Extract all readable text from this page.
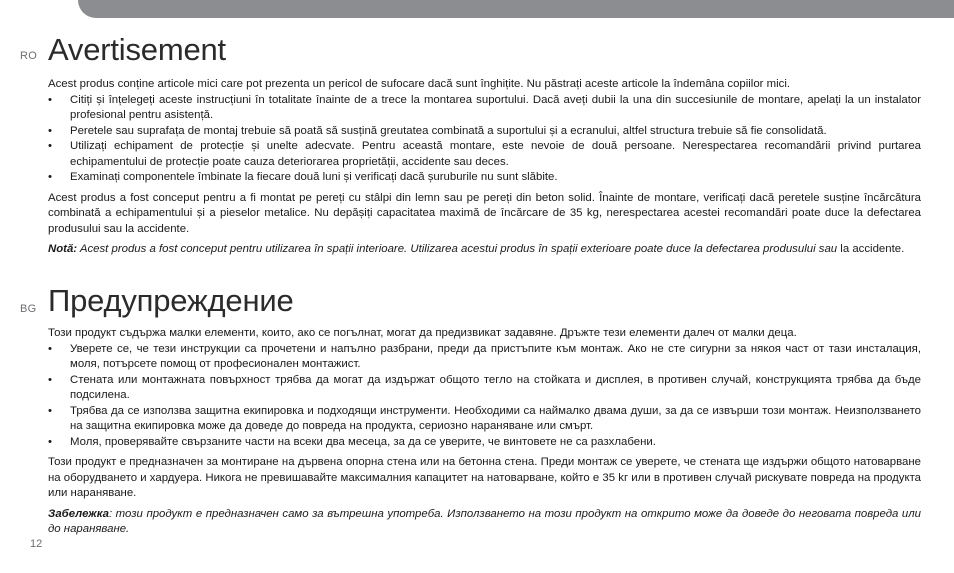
RO Avertisement

Acest produs conține articole mici care pot prezenta un pericol de sufocare dacă sunt înghițite. Nu păstrați aceste articole la îndemâna copiilor mici.

• Citiți și înțelegeți aceste instrucțiuni în totalitate înainte de a trece la montarea suportului. Dacă aveți dubii la una din succesiunile de montare, apelați la un instalator profesional pentru asistență.
• Peretele sau suprafața de montaj trebuie să poată să susțină greutatea combinată a suportului și a ecranului, altfel structura trebuie să fie consolidată.
• Utilizați echipament de protecție și unelte adecvate. Pentru această montare, este nevoie de două persoane. Nerespectarea recomandării privind purtarea echipamentului de protecție poate cauza deteriorarea proprietății, accidente sau deces.
• Examinați componentele îmbinate la fiecare două luni și verificați dacă șuruburile nu sunt slăbite.

Acest produs a fost conceput pentru a fi montat pe pereți cu stâlpi din lemn sau pe pereți din beton solid. Înainte de montare, verificați dacă peretele susține încărcătura combinată a echipamentului și a pieselor metalice. Nu depășiți capacitatea maximă de încărcare de 35 kg, nerespectarea acestei recomandări poate duce la defectarea produsului sau la accidente.

Notă: Acest produs a fost conceput pentru utilizarea în spații interioare. Utilizarea acestui produs în spații exterioare poate duce la defectarea produsului sau la accidente.

BG Предупреждение

Този продукт съдържа малки елементи, които, ако се погълнат, могат да предизвикат задавяне. Дръжте тези елементи далеч от малки деца.

• Уверете се, че тези инструкции са прочетени и напълно разбрани, преди да пристъпите към монтаж. Ако не сте сигурни за някоя част от тази инсталация, моля, потърсете помощ от професионален монтажист.
• Стената или монтажната повърхност трябва да могат да издържат общото тегло на стойката и дисплея, в противен случай, конструкцията трябва да бъде подсилена.
• Трябва да се използва защитна екипировка и подходящи инструменти. Необходими са наймалко двама души, за да се извърши този монтаж. Неизползването на защитна екипировка може да доведе до повреда на продукта, сериозно нараняване или смърт.
• Моля, проверявайте свързаните части на всеки два месеца, за да се уверите, че винтовете не са разхлабени.

Този продукт е предназначен за монтиране на дървена опорна стена или на бетонна стена. Преди монтаж се уверете, че стената ще издържи общото натоварване на оборудването и хардуера. Никога не превишавайте максималния капацитет на натоварване, който е 35 kг или в противен случай рискувате повреда на продукта или нараняване.

Забележка: този продукт е предназначен само за вътрешна употреба. Използването на този продукт на открито може да доведе до неговата повреда или до нараняване.

12
